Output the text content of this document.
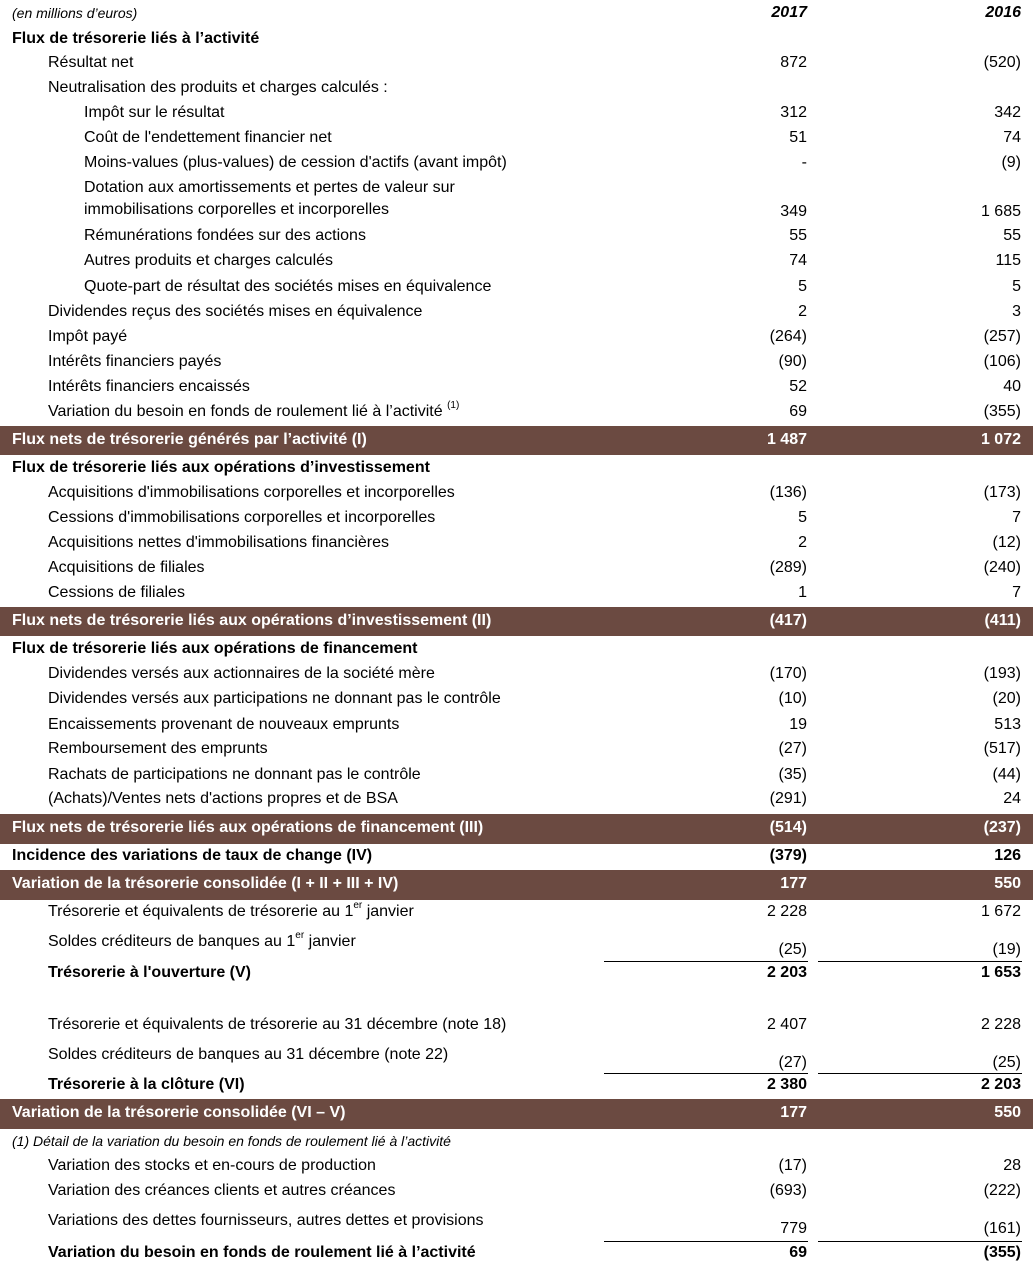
(en millions d’euros)	2017	2016
Flux de trésorerie liés à l’activité
Résultat net	872	(520)
Neutralisation des produits et charges calculés :
Impôt sur le résultat	312	342
Coût de l'endettement financier net	51	74
Moins-values (plus-values) de cession d'actifs (avant impôt)	-	(9)
Dotation aux amortissements et pertes de valeur sur
immobilisations corporelles et incorporelles	349	1 685
Rémunérations fondées sur des actions	55	55
Autres produits et charges calculés	74	115
Quote-part de résultat des sociétés mises en équivalence	5	5
Dividendes reçus des sociétés mises en équivalence	2	3
Impôt payé	(264)	(257)
Intérêts financiers payés	(90)	(106)
Intérêts financiers encaissés	52	40
Variation du besoin en fonds de roulement lié à l’activité $^{(1)}$	69	(355)
Flux nets de trésorerie générés par l’activité (I)	1 487	1 072
Flux de trésorerie liés aux opérations d’investissement
Acquisitions d'immobilisations corporelles et incorporelles	(136)	(173)
Cessions d'immobilisations corporelles et incorporelles	5	7
Acquisitions nettes d'immobilisations financières	2	(12)
Acquisitions de filiales	(289)	(240)
Cessions de filiales	1	7
Flux nets de trésorerie liés aux opérations d’investissement (II)	(417)	(411)
Flux de trésorerie liés aux opérations de financement
Dividendes versés aux actionnaires de la société mère	(170)	(193)
Dividendes versés aux participations ne donnant pas le contrôle	(10)	(20)
Encaissements provenant de nouveaux emprunts	19	513
Remboursement des emprunts	(27)	(517)
Rachats de participations ne donnant pas le contrôle	(35)	(44)
(Achats)/Ventes nets d'actions propres et de BSA	(291)	24
Flux nets de trésorerie liés aux opérations de financement (III)	(514)	(237)
Incidence des variations de taux de change (IV)	(379)	126
Variation de la trésorerie consolidée (I + II + III + IV)	177	550
Trésorerie et équivalents de trésorerie au 1er janvier	2 228	1 672
Soldes créditeurs de banques au 1er janvier	(25)	(19)
Trésorerie à l'ouverture (V)	2 203	1 653
Trésorerie et équivalents de trésorerie au 31 décembre (note 18)	2 407	2 228
Soldes créditeurs de banques au 31 décembre (note 22)	(27)	(25)
Trésorerie à la clôture (VI)	2 380	2 203
Variation de la trésorerie consolidée (VI – V)	177	550
(1) Détail de la variation du besoin en fonds de roulement lié à l’activité
Variation des stocks et en-cours de production	(17)	28
Variation des créances clients et autres créances	(693)	(222)
Variations des dettes fournisseurs, autres dettes et provisions	779	(161)
Variation du besoin en fonds de roulement lié à l’activité	69	(355)
